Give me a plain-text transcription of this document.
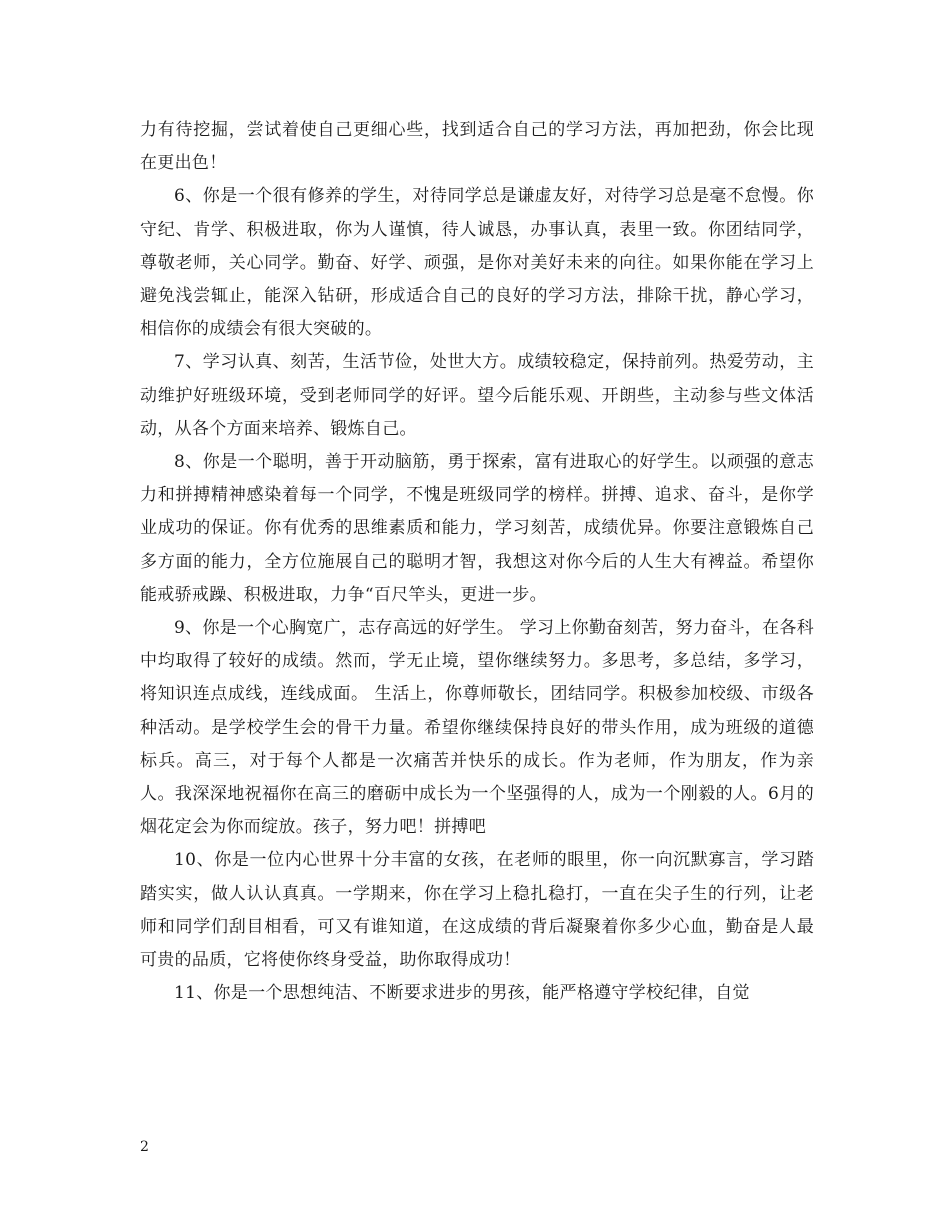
力有待挖掘，尝试着使自己更细心些，找到适合自己的学习方法，再加把劲，你会比现在更出色！

6、你是一个很有修养的学生，对待同学总是谦虚友好，对待学习总是毫不怠慢。你守纪、肯学、积极进取，你为人谨慎，待人诚恳，办事认真，表里一致。你团结同学，尊敬老师，关心同学。勤奋、好学、顽强，是你对美好未来的向往。如果你能在学习上避免浅尝辄止，能深入钻研，形成适合自己的良好的学习方法，排除干扰，静心学习，相信你的成绩会有很大突破的。

7、学习认真、刻苦，生活节俭，处世大方。成绩较稳定，保持前列。热爱劳动，主动维护好班级环境，受到老师同学的好评。望今后能乐观、开朗些，主动参与些文体活动，从各个方面来培养、锻炼自己。

8、你是一个聪明，善于开动脑筋，勇于探索，富有进取心的好学生。以顽强的意志力和拼搏精神感染着每一个同学，不愧是班级同学的榜样。拼搏、追求、奋斗，是你学业成功的保证。你有优秀的思维素质和能力，学习刻苦，成绩优异。你要注意锻炼自己多方面的能力，全方位施展自己的聪明才智，我想这对你今后的人生大有裨益。希望你能戒骄戒躁、积极进取，力争“百尺竿头，更进一步。

9、你是一个心胸宽广，志存高远的好学生。 学习上你勤奋刻苦，努力奋斗，在各科中均取得了较好的成绩。然而，学无止境，望你继续努力。多思考，多总结，多学习，将知识连点成线，连线成面。 生活上，你尊师敬长，团结同学。积极参加校级、市级各种活动。是学校学生会的骨干力量。希望你继续保持良好的带头作用，成为班级的道德标兵。高三，对于每个人都是一次痛苦并快乐的成长。作为老师，作为朋友，作为亲人。我深深地祝福你在高三的磨砺中成长为一个坚强得的人，成为一个刚毅的人。6月的烟花定会为你而绽放。孩子，努力吧！拼搏吧

10、你是一位内心世界十分丰富的女孩，在老师的眼里，你一向沉默寡言，学习踏踏实实，做人认认真真。一学期来，你在学习上稳扎稳打，一直在尖子生的行列，让老师和同学们刮目相看，可又有谁知道，在这成绩的背后凝聚着你多少心血，勤奋是人最可贵的品质，它将使你终身受益，助你取得成功！

11、你是一个思想纯洁、不断要求进步的男孩，能严格遵守学校纪律，自觉

2
